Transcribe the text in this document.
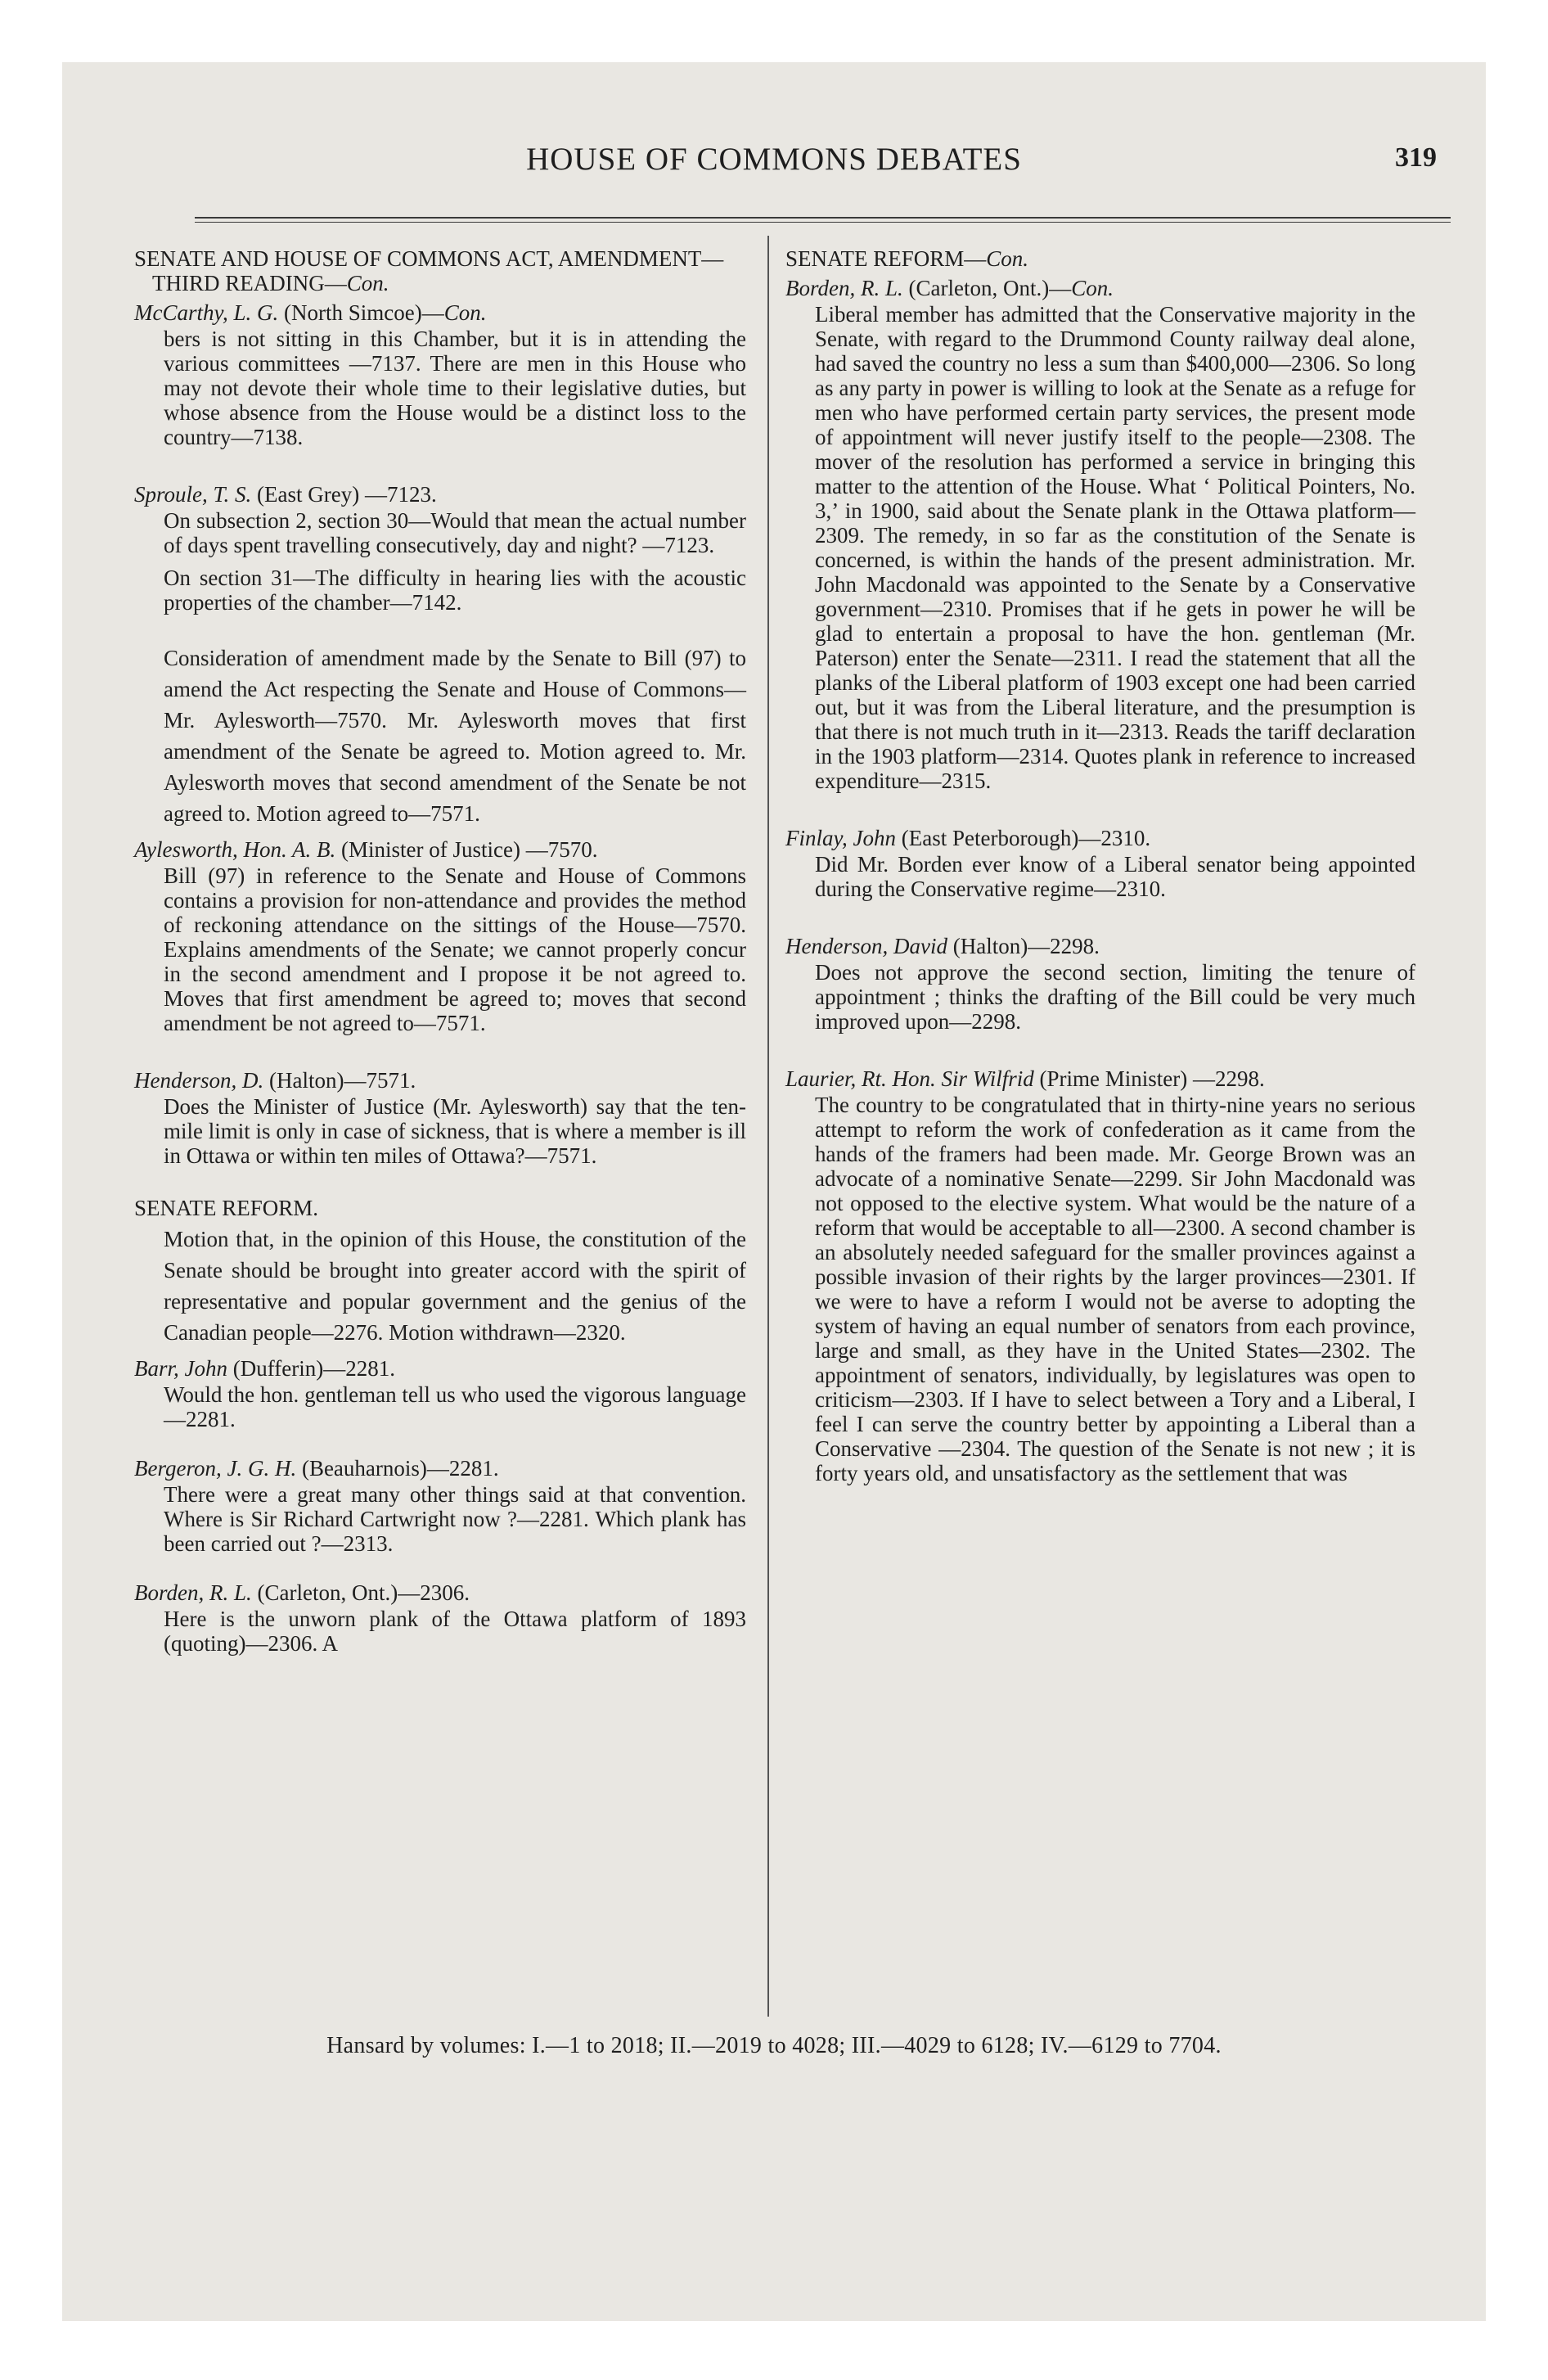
HOUSE OF COMMONS DEBATES	319
SENATE AND HOUSE OF COMMONS ACT, AMENDMENT—THIRD READING—Con.
McCarthy, L. G. (North Simcoe)—Con.
bers is not sitting in this Chamber, but it is in attending the various committees —7137. There are men in this House who may not devote their whole time to their legislative duties, but whose absence from the House would be a distinct loss to the country—7138.
Sproule, T. S. (East Grey) —7123.
On subsection 2, section 30—Would that mean the actual number of days spent travelling consecutively, day and night? —7123.
On section 31—The difficulty in hearing lies with the acoustic properties of the chamber—7142.
Consideration of amendment made by the Senate to Bill (97) to amend the Act respecting the Senate and House of Commons—Mr. Aylesworth—7570. Mr. Aylesworth moves that first amendment of the Senate be agreed to. Motion agreed to. Mr. Aylesworth moves that second amendment of the Senate be not agreed to. Motion agreed to—7571.
Aylesworth, Hon. A. B. (Minister of Justice) —7570.
Bill (97) in reference to the Senate and House of Commons contains a provision for non-attendance and provides the method of reckoning attendance on the sittings of the House—7570. Explains amendments of the Senate; we cannot properly concur in the second amendment and I propose it be not agreed to. Moves that first amendment be agreed to; moves that second amendment be not agreed to—7571.
Henderson, D. (Halton)—7571.
Does the Minister of Justice (Mr. Aylesworth) say that the ten-mile limit is only in case of sickness, that is where a member is ill in Ottawa or within ten miles of Ottawa?—7571.
SENATE REFORM.
Motion that, in the opinion of this House, the constitution of the Senate should be brought into greater accord with the spirit of representative and popular government and the genius of the Canadian people—2276. Motion withdrawn—2320.
Barr, John (Dufferin)—2281.
Would the hon. gentleman tell us who used the vigorous language—2281.
Bergeron, J. G. H. (Beauharnois)—2281.
There were a great many other things said at that convention. Where is Sir Richard Cartwright now ?—2281. Which plank has been carried out ?—2313.
Borden, R. L. (Carleton, Ont.)—2306.
Here is the unworn plank of the Ottawa platform of 1893 (quoting)—2306. A
SENATE REFORM—Con.
Borden, R. L. (Carleton, Ont.)—Con.
Liberal member has admitted that the Conservative majority in the Senate, with regard to the Drummond County railway deal alone, had saved the country no less a sum than $400,000—2306. So long as any party in power is willing to look at the Senate as a refuge for men who have performed certain party services, the present mode of appointment will never justify itself to the people—2308. The mover of the resolution has performed a service in bringing this matter to the attention of the House. What ‘ Political Pointers, No. 3,’ in 1900, said about the Senate plank in the Ottawa platform—2309. The remedy, in so far as the constitution of the Senate is concerned, is within the hands of the present administration. Mr. John Macdonald was appointed to the Senate by a Conservative government—2310. Promises that if he gets in power he will be glad to entertain a proposal to have the hon. gentleman (Mr. Paterson) enter the Senate—2311. I read the statement that all the planks of the Liberal platform of 1903 except one had been carried out, but it was from the Liberal literature, and the presumption is that there is not much truth in it—2313. Reads the tariff declaration in the 1903 platform—2314. Quotes plank in reference to increased expenditure—2315.
Finlay, John (East Peterborough)—2310.
Did Mr. Borden ever know of a Liberal senator being appointed during the Conservative regime—2310.
Henderson, David (Halton)—2298.
Does not approve the second section, limiting the tenure of appointment ; thinks the drafting of the Bill could be very much improved upon—2298.
Laurier, Rt. Hon. Sir Wilfrid (Prime Minister) —2298.
The country to be congratulated that in thirty-nine years no serious attempt to reform the work of confederation as it came from the hands of the framers had been made. Mr. George Brown was an advocate of a nominative Senate—2299. Sir John Macdonald was not opposed to the elective system. What would be the nature of a reform that would be acceptable to all—2300. A second chamber is an absolutely needed safeguard for the smaller provinces against a possible invasion of their rights by the larger provinces—2301. If we were to have a reform I would not be averse to adopting the system of having an equal number of senators from each province, large and small, as they have in the United States—2302. The appointment of senators, individually, by legislatures was open to criticism—2303. If I have to select between a Tory and a Liberal, I feel I can serve the country better by appointing a Liberal than a Conservative —2304. The question of the Senate is not new ; it is forty years old, and unsatisfactory as the settlement that was
Hansard by volumes: I.—1 to 2018; II.—2019 to 4028; III.—4029 to 6128; IV.—6129 to 7704.
